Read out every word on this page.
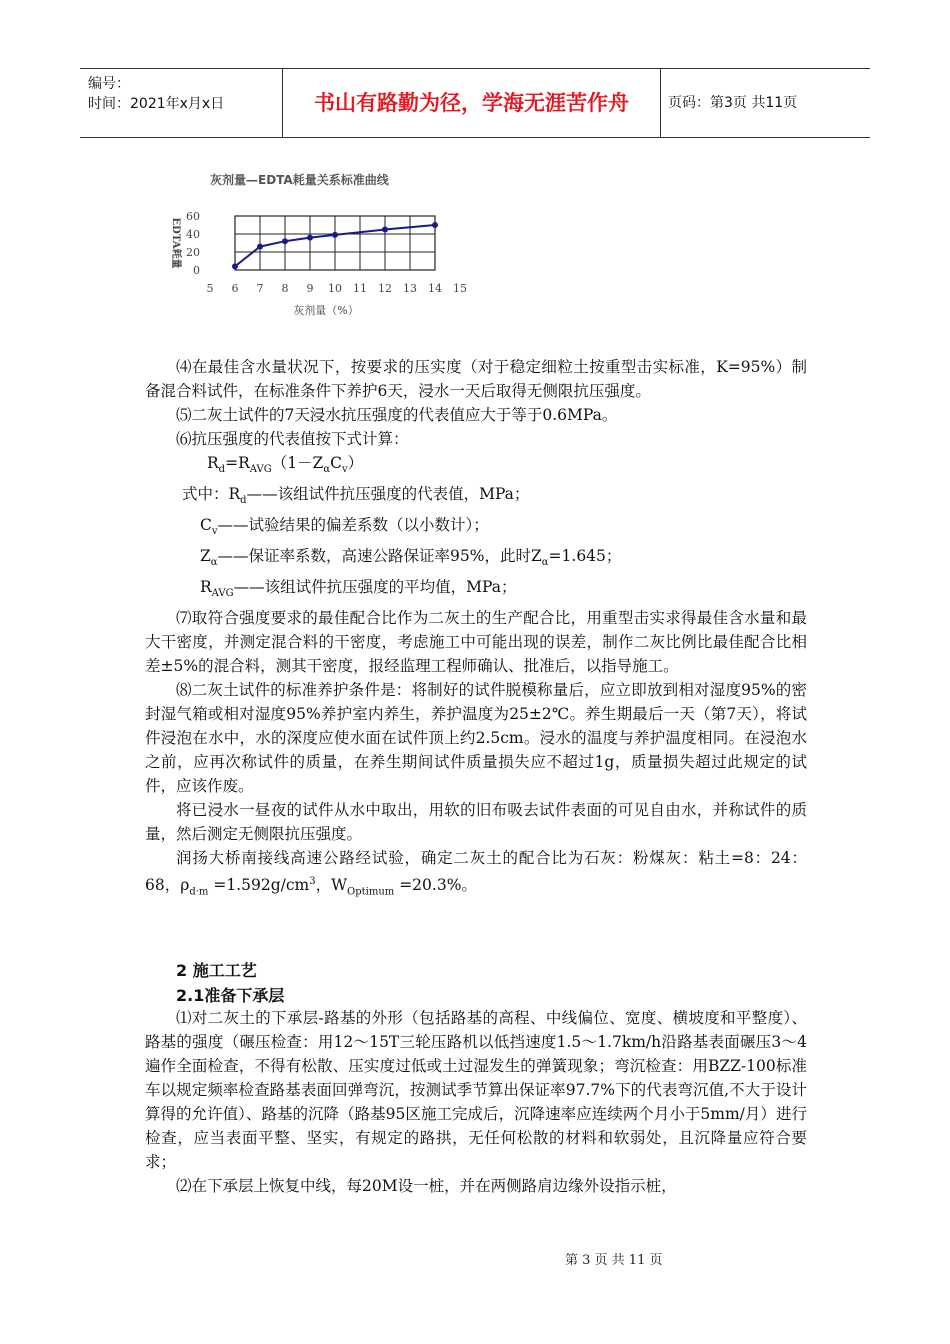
编号：
时间：2021年x月x日	书山有路勤为径，学海无涯苦作舟	页码：第3页 共11页
灰剂量—EDTA耗量关系标准曲线
EDTA耗量
灰剂量（%）
5 6 7 8 9 10 11 12 13 14 15
0
20
40
60

⑷在最佳含水量状况下，按要求的压实度（对于稳定细粒土按重型击实标准，K=95%）制备混合料试件，在标准条件下养护6天，浸水一天后取得无侧限抗压强度。

⑸二灰土试件的7天浸水抗压强度的代表值应大于等于0.6MPa。

⑹抗压强度的代表值按下式计算：

$R_d=R_{AVG}(1-Z_\alpha C_v)$

式中：$R_d——$该组试件抗压强度的代表值，MPa；

$C_v——$试验结果的偏差系数（以小数计）；

$Z_\alpha——$保证率系数，高速公路保证率95%，此时$Z_\alpha=1.645$；

$R_{AVG}——$该组试件抗压强度的平均值，MPa；

⑺取符合强度要求的最佳配合比作为二灰土的生产配合比，用重型击实求得最佳含水量和最大干密度，并测定混合料的干密度，考虑施工中可能出现的误差，制作二灰比例比最佳配合比相差±5%的混合料，测其干密度，报经监理工程师确认、批准后，以指导施工。

⑻二灰土试件的标准养护条件是：将制好的试件脱模称量后，应立即放到相对湿度95%的密封湿气箱或相对湿度95%养护室内养生，养护温度为25±2℃。养生期最后一天（第7天），将试件浸泡在水中，水的深度应使水面在试件顶上约2.5cm。浸水的温度与养护温度相同。在浸泡水之前，应再次称试件的质量，在养生期间试件质量损失应不超过1g，质量损失超过此规定的试件，应该作废。

将已浸水一昼夜的试件从水中取出，用软的旧布吸去试件表面的可见自由水，并称试件的质量，然后测定无侧限抗压强度。

润扬大桥南接线高速公路经试验，确定二灰土的配合比为石灰：粉煤灰：粘土=8：24：68，$\rho_{d\cdot m} =1.592g/cm^3$，$W_{Optimum} =20.3\%$。

2 施工工艺
2.1准备下承层

⑴对二灰土的下承层-路基的外形（包括路基的高程、中线偏位、宽度、横坡度和平整度）、路基的强度（碾压检查：用12～15T三轮压路机以低挡速度1.5～1.7km/h沿路基表面碾压3～4遍作全面检查，不得有松散、压实度过低或土过湿发生的弹簧现象；弯沉检查：用BZZ-100标准车以规定频率检查路基表面回弹弯沉，按测试季节算出保证率97.7%下的代表弯沉值,不大于设计算得的允许值）、路基的沉降（路基95区施工完成后，沉降速率应连续两个月小于5mm/月）进行检查，应当表面平整、坚实，有规定的路拱，无任何松散的材料和软弱处，且沉降量应符合要求；

⑵在下承层上恢复中线，每20M设一桩，并在两侧路肩边缘外设指示桩，

第 3 页 共 11 页
